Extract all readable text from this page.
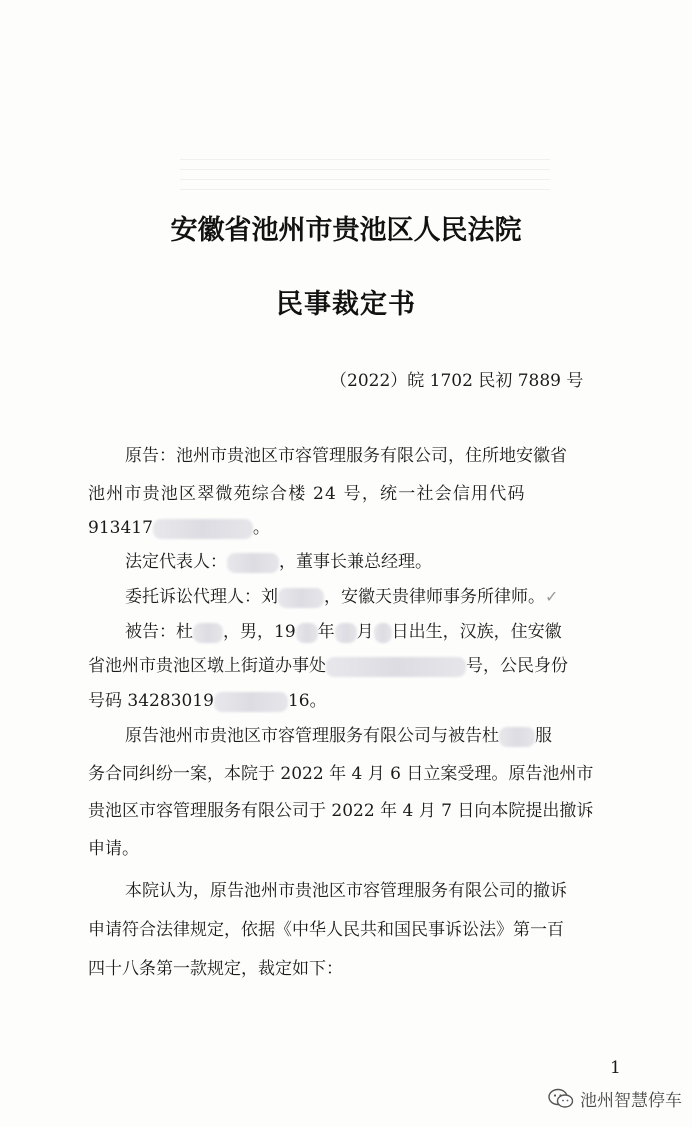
安徽省池州市贵池区人民法院
民事裁定书
（2022）皖 1702 民初 7889 号
原告：池州市贵池区市容管理服务有限公司，住所地安徽省
池州市贵池区翠微苑综合楼 24 号，统一社会信用代码
913417	。
法定代表人：	，董事长兼总经理。
委托诉讼代理人：刘	，安徽天贵律师事务所律师。✓
被告：杜 ，男，19 年 月 日出生，汉族，住安徽
省池州市贵池区墩上街道办事处	号，公民身份
号码 34283019	16。
原告池州市贵池区市容管理服务有限公司与被告杜 服
务合同纠纷一案，本院于 2022 年 4 月 6 日立案受理。原告池州市
贵池区市容管理服务有限公司于 2022 年 4 月 7 日向本院提出撤诉
申请。
本院认为，原告池州市贵池区市容管理服务有限公司的撤诉
申请符合法律规定，依据《中华人民共和国民事诉讼法》第一百
四十八条第一款规定，裁定如下：
1
池州智慧停车
